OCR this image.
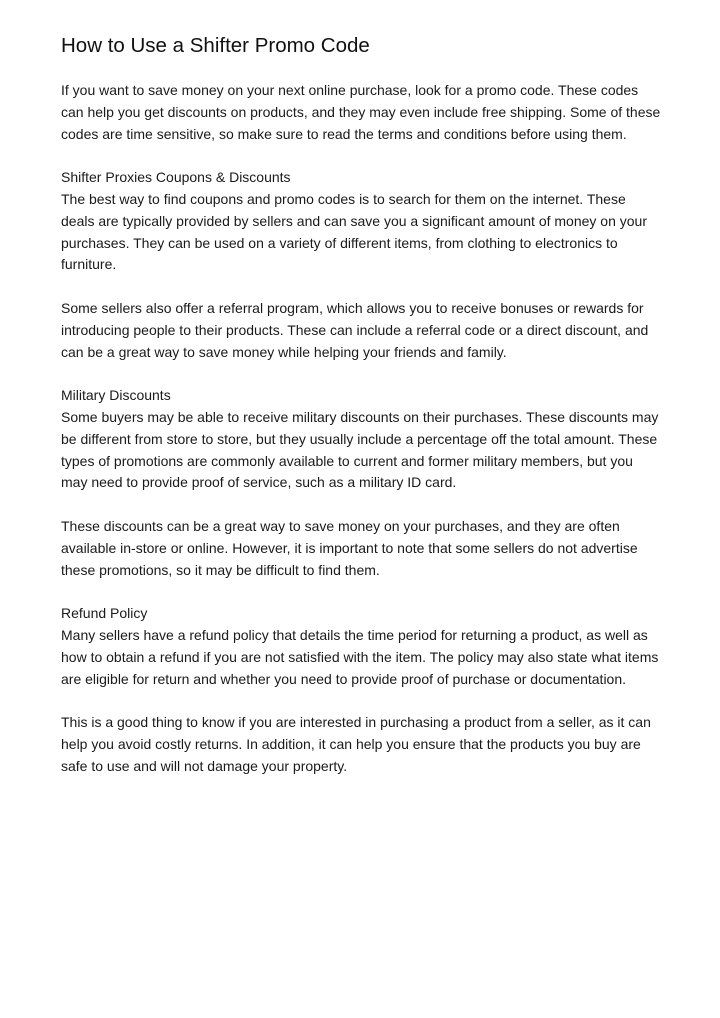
How to Use a Shifter Promo Code

If you want to save money on your next online purchase, look for a promo code. These codes can help you get discounts on products, and they may even include free shipping. Some of these codes are time sensitive, so make sure to read the terms and conditions before using them.

Shifter Proxies Coupons & Discounts

The best way to find coupons and promo codes is to search for them on the internet. These deals are typically provided by sellers and can save you a significant amount of money on your purchases. They can be used on a variety of different items, from clothing to electronics to furniture.

Some sellers also offer a referral program, which allows you to receive bonuses or rewards for introducing people to their products. These can include a referral code or a direct discount, and can be a great way to save money while helping your friends and family.

Military Discounts

Some buyers may be able to receive military discounts on their purchases. These discounts may be different from store to store, but they usually include a percentage off the total amount. These types of promotions are commonly available to current and former military members, but you may need to provide proof of service, such as a military ID card.

These discounts can be a great way to save money on your purchases, and they are often available in-store or online. However, it is important to note that some sellers do not advertise these promotions, so it may be difficult to find them.

Refund Policy

Many sellers have a refund policy that details the time period for returning a product, as well as how to obtain a refund if you are not satisfied with the item. The policy may also state what items are eligible for return and whether you need to provide proof of purchase or documentation.

This is a good thing to know if you are interested in purchasing a product from a seller, as it can help you avoid costly returns. In addition, it can help you ensure that the products you buy are safe to use and will not damage your property.
